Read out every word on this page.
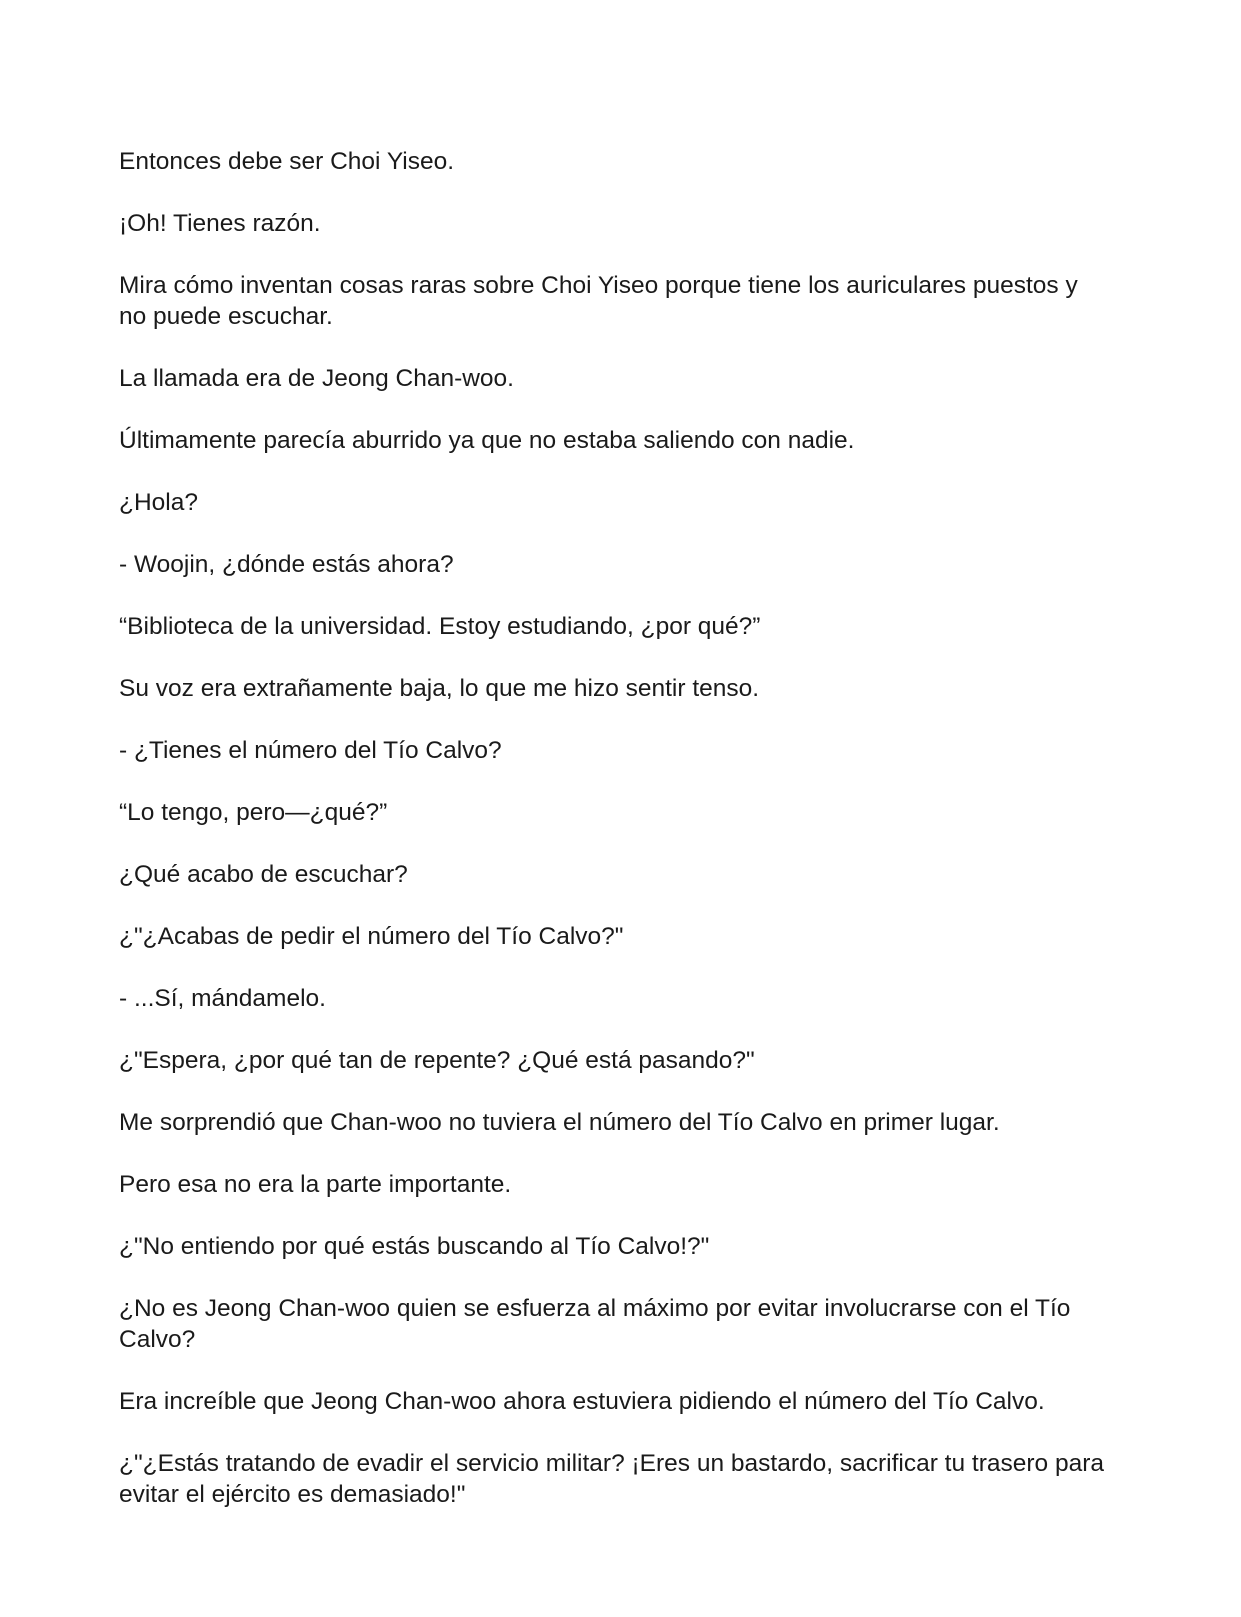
Entonces debe ser Choi Yiseo.

¡Oh! Tienes razón.

Mira cómo inventan cosas raras sobre Choi Yiseo porque tiene los auriculares puestos y no puede escuchar.

La llamada era de Jeong Chan-woo.

Últimamente parecía aburrido ya que no estaba saliendo con nadie.

¿Hola?

- Woojin, ¿dónde estás ahora?

“Biblioteca de la universidad. Estoy estudiando, ¿por qué?”

Su voz era extrañamente baja, lo que me hizo sentir tenso.

- ¿Tienes el número del Tío Calvo?

“Lo tengo, pero—¿qué?”

¿Qué acabo de escuchar?

¿"¿Acabas de pedir el número del Tío Calvo?"

- ...Sí, mándamelo.

¿"Espera, ¿por qué tan de repente? ¿Qué está pasando?"

Me sorprendió que Chan-woo no tuviera el número del Tío Calvo en primer lugar.

Pero esa no era la parte importante.

¿"No entiendo por qué estás buscando al Tío Calvo!?"

¿No es Jeong Chan-woo quien se esfuerza al máximo por evitar involucrarse con el Tío Calvo?

Era increíble que Jeong Chan-woo ahora estuviera pidiendo el número del Tío Calvo.

¿"¿Estás tratando de evadir el servicio militar? ¡Eres un bastardo, sacrificar tu trasero para evitar el ejército es demasiado!"
